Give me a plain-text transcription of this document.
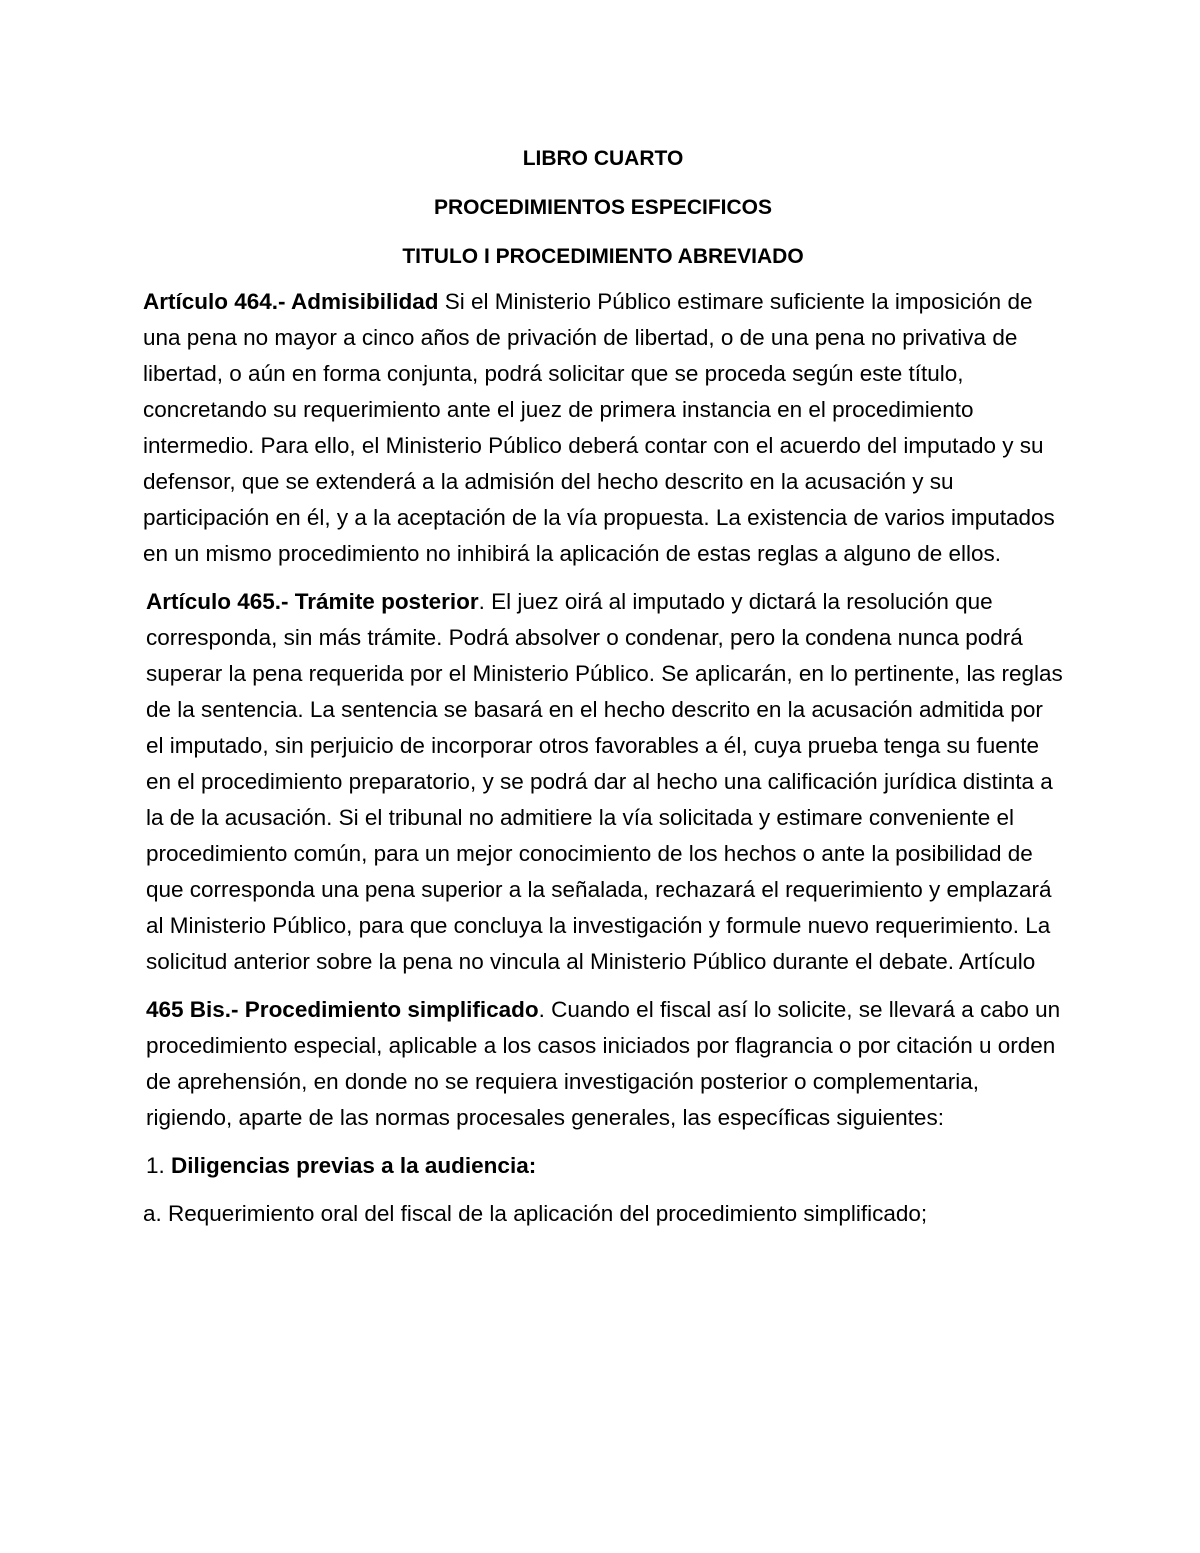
LIBRO CUARTO
PROCEDIMIENTOS ESPECIFICOS
TITULO I PROCEDIMIENTO ABREVIADO

Artículo 464.- Admisibilidad Si el Ministerio Público estimare suficiente la imposición de una pena no mayor a cinco años de privación de libertad, o de una pena no privativa de libertad, o aún en forma conjunta, podrá solicitar que se proceda según este título, concretando su requerimiento ante el juez de primera instancia en el procedimiento intermedio. Para ello, el Ministerio Público deberá contar con el acuerdo del imputado y su defensor, que se extenderá a la admisión del hecho descrito en la acusación y su participación en él, y a la aceptación de la vía propuesta. La existencia de varios imputados en un mismo procedimiento no inhibirá la aplicación de estas reglas a alguno de ellos.

Artículo 465.- Trámite posterior. El juez oirá al imputado y dictará la resolución que corresponda, sin más trámite. Podrá absolver o condenar, pero la condena nunca podrá superar la pena requerida por el Ministerio Público. Se aplicarán, en lo pertinente, las reglas de la sentencia. La sentencia se basará en el hecho descrito en la acusación admitida por el imputado, sin perjuicio de incorporar otros favorables a él, cuya prueba tenga su fuente en el procedimiento preparatorio, y se podrá dar al hecho una calificación jurídica distinta a la de la acusación. Si el tribunal no admitiere la vía solicitada y estimare conveniente el procedimiento común, para un mejor conocimiento de los hechos o ante la posibilidad de que corresponda una pena superior a la señalada, rechazará el requerimiento y emplazará al Ministerio Público, para que concluya la investigación y formule nuevo requerimiento. La solicitud anterior sobre la pena no vincula al Ministerio Público durante el debate. Artículo

465 Bis.- Procedimiento simplificado. Cuando el fiscal así lo solicite, se llevará a cabo un procedimiento especial, aplicable a los casos iniciados por flagrancia o por citación u orden de aprehensión, en donde no se requiera investigación posterior o complementaria, rigiendo, aparte de las normas procesales generales, las específicas siguientes:

1. Diligencias previas a la audiencia:

a. Requerimiento oral del fiscal de la aplicación del procedimiento simplificado;
